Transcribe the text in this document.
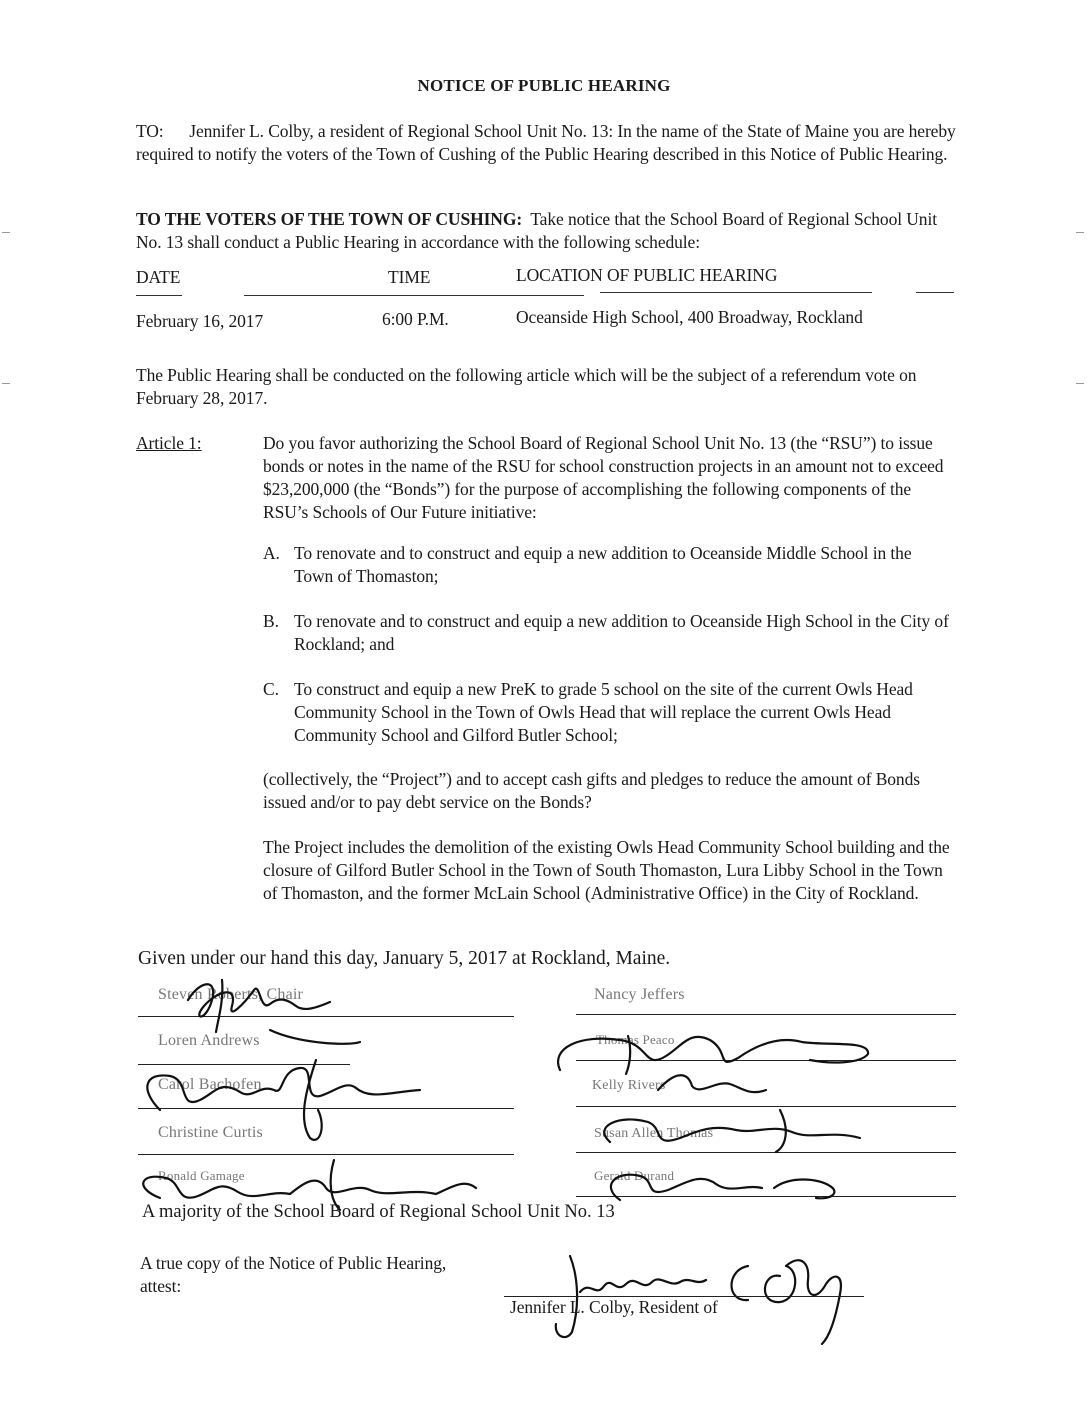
NOTICE OF PUBLIC HEARING
TO: Jennifer L. Colby, a resident of Regional School Unit No. 13: In the name of the State of Maine you are hereby required to notify the voters of the Town of Cushing of the Public Hearing described in this Notice of Public Hearing.
TO THE VOTERS OF THE TOWN OF CUSHING: Take notice that the School Board of Regional School Unit No. 13 shall conduct a Public Hearing in accordance with the following schedule:
DATE	TIME	LOCATION OF PUBLIC HEARING
February 16, 2017	6:00 P.M.	Oceanside High School, 400 Broadway, Rockland
The Public Hearing shall be conducted on the following article which will be the subject of a referendum vote on February 28, 2017.
Article 1:	Do you favor authorizing the School Board of Regional School Unit No. 13 (the “RSU”) to issue bonds or notes in the name of the RSU for school construction projects in an amount not to exceed $23,200,000 (the “Bonds”) for the purpose of accomplishing the following components of the RSU’s Schools of Our Future initiative:
A. To renovate and to construct and equip a new addition to Oceanside Middle School in the Town of Thomaston;
B. To renovate and to construct and equip a new addition to Oceanside High School in the City of Rockland; and
C. To construct and equip a new PreK to grade 5 school on the site of the current Owls Head Community School in the Town of Owls Head that will replace the current Owls Head Community School and Gilford Butler School;
(collectively, the “Project”) and to accept cash gifts and pledges to reduce the amount of Bonds issued and/or to pay debt service on the Bonds?
The Project includes the demolition of the existing Owls Head Community School building and the closure of Gilford Butler School in the Town of South Thomaston, Lura Libby School in the Town of Thomaston, and the former McLain School (Administrative Office) in the City of Rockland.
Given under our hand this day, January 5, 2017 at Rockland, Maine.
Steven Roberts, Chair
Loren Andrews
Carol Bachofen
Christine Curtis
Ronald Gamage
Nancy Jeffers
Thomas Peaco
Kelly Rivers
Susan Allen Thomas
Gerald Durand
A majority of the School Board of Regional School Unit No. 13
A true copy of the Notice of Public Hearing, attest:
Jennifer L. Colby, Resident of
